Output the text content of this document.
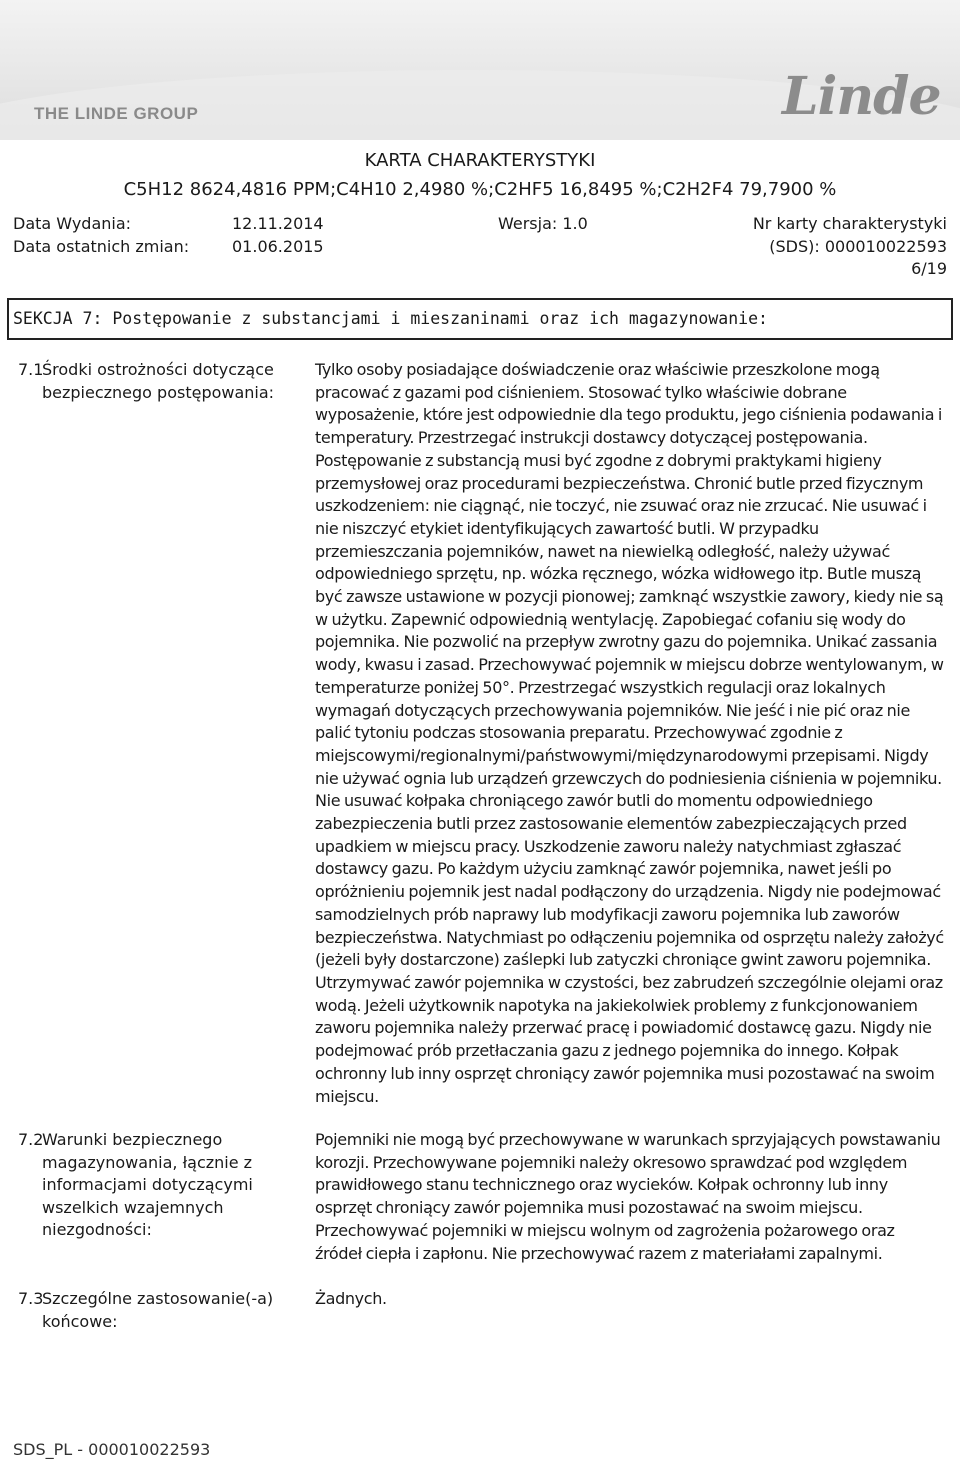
THE LINDE GROUP	Linde
KARTA CHARAKTERYSTYKI
C5H12 8624,4816 PPM;C4H10 2,4980 %;C2HF5 16,8495 %;C2H2F4 79,7900 %
Data Wydania:	12.11.2014	Wersja: 1.0	Nr karty charakterystyki
Data ostatnich zmian:	01.06.2015	(SDS): 000010022593
6/19
SEKCJA 7: Postępowanie z substancjami i mieszaninami oraz ich magazynowanie:
7.1
Środki ostrożności dotyczące bezpiecznego postępowania:
Tylko osoby posiadające doświadczenie oraz właściwie przeszkolone mogą pracować z gazami pod ciśnieniem. Stosować tylko właściwie dobrane wyposażenie, które jest odpowiednie dla tego produktu, jego ciśnienia podawania i temperatury. Przestrzegać instrukcji dostawcy dotyczącej postępowania. Postępowanie z substancją musi być zgodne z dobrymi praktykami higieny przemysłowej oraz procedurami bezpieczeństwa. Chronić butle przed fizycznym uszkodzeniem: nie ciągnąć, nie toczyć, nie zsuwać oraz nie zrzucać. Nie usuwać i nie niszczyć etykiet identyfikujących zawartość butli. W przypadku przemieszczania pojemników, nawet na niewielką odległość, należy używać odpowiedniego sprzętu, np. wózka ręcznego, wózka widłowego itp. Butle muszą być zawsze ustawione w pozycji pionowej; zamknąć wszystkie zawory, kiedy nie są w użytku. Zapewnić odpowiednią wentylację. Zapobiegać cofaniu się wody do pojemnika. Nie pozwolić na przepływ zwrotny gazu do pojemnika. Unikać zassania wody, kwasu i zasad. Przechowywać pojemnik w miejscu dobrze wentylowanym, w temperaturze poniżej 50°. Przestrzegać wszystkich regulacji oraz lokalnych wymagań dotyczących przechowywania pojemników. Nie jeść i nie pić oraz nie palić tytoniu podczas stosowania preparatu. Przechowywać zgodnie z miejscowymi/regionalnymi/państwowymi/międzynarodowymi przepisami. Nigdy nie używać ognia lub urządzeń grzewczych do podniesienia ciśnienia w pojemniku. Nie usuwać kołpaka chroniącego zawór butli do momentu odpowiedniego zabezpieczenia butli przez zastosowanie elementów zabezpieczających przed upadkiem w miejscu pracy. Uszkodzenie zaworu należy natychmiast zgłaszać dostawcy gazu. Po każdym użyciu zamknąć zawór pojemnika, nawet jeśli po opróżnieniu pojemnik jest nadal podłączony do urządzenia. Nigdy nie podejmować samodzielnych prób naprawy lub modyfikacji zaworu pojemnika lub zaworów bezpieczeństwa. Natychmiast po odłączeniu pojemnika od osprzętu należy założyć (jeżeli były dostarczone) zaślepki lub zatyczki chroniące gwint zaworu pojemnika. Utrzymywać zawór pojemnika w czystości, bez zabrudzeń szczególnie olejami oraz wodą. Jeżeli użytkownik napotyka na jakiekolwiek problemy z funkcjonowaniem zaworu pojemnika należy przerwać pracę i powiadomić dostawcę gazu. Nigdy nie podejmować prób przetłaczania gazu z jednego pojemnika do innego. Kołpak ochronny lub inny osprzęt chroniący zawór pojemnika musi pozostawać na swoim miejscu.
7.2
Warunki bezpiecznego magazynowania, łącznie z informacjami dotyczącymi wszelkich wzajemnych niezgodności:
Pojemniki nie mogą być przechowywane w warunkach sprzyjających powstawaniu korozji. Przechowywane pojemniki należy okresowo sprawdzać pod względem prawidłowego stanu technicznego oraz wycieków. Kołpak ochronny lub inny osprzęt chroniący zawór pojemnika musi pozostawać na swoim miejscu. Przechowywać pojemniki w miejscu wolnym od zagrożenia pożarowego oraz źródeł ciepła i zapłonu. Nie przechowywać razem z materiałami zapalnymi.
7.3
Szczególne zastosowanie(-a) końcowe:
Żadnych.
SDS_PL - 000010022593
